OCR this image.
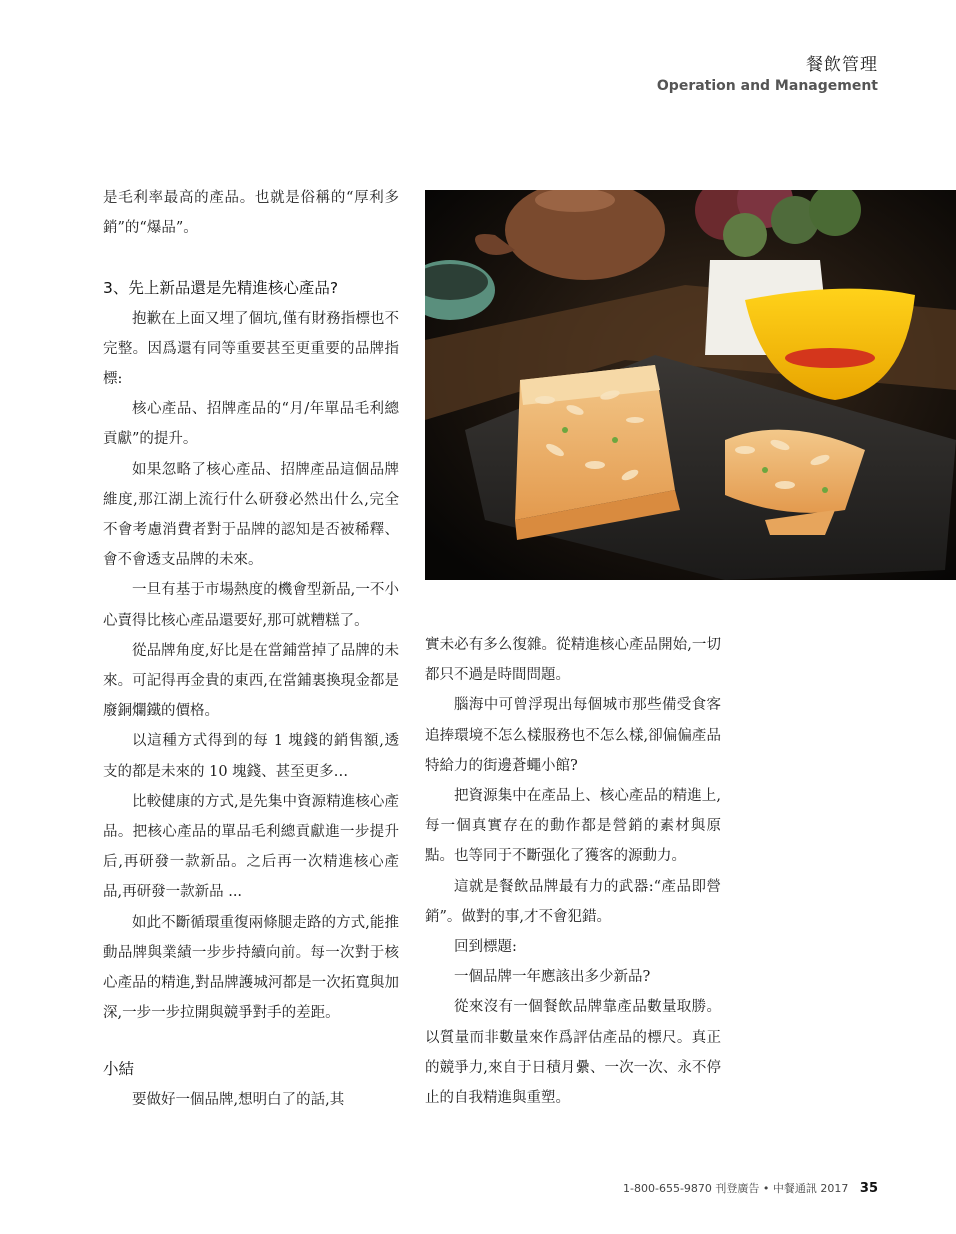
餐飲管理
Operation and Management

是毛利率最高的產品。也就是俗稱的“厚利多銷”的“爆品”。

3、先上新品還是先精進核心產品?

抱歉在上面又埋了個坑,僅有財務指標也不完整。因爲還有同等重要甚至更重要的品牌指標:

核心產品、招牌產品的“月/年單品毛利總貢獻”的提升。

如果忽略了核心產品、招牌產品這個品牌維度,那江湖上流行什么研發必然出什么,完全不會考慮消費者對于品牌的認知是否被稀釋、會不會透支品牌的未來。

一旦有基于市場熱度的機會型新品,一不小心賣得比核心產品還要好,那可就糟糕了。

從品牌角度,好比是在當鋪當掉了品牌的未來。可記得再金貴的東西,在當鋪裏換現金都是廢銅爛鐵的價格。

以這種方式得到的每 1 塊錢的銷售額,透支的都是未來的 10 塊錢、甚至更多…

比較健康的方式,是先集中資源精進核心產品。把核心產品的單品毛利總貢獻進一步提升后,再研發一款新品。之后再一次精進核心產品,再研發一款新品 ...

如此不斷循環重復兩條腿走路的方式,能推動品牌與業績一步步持續向前。每一次對于核心產品的精進,對品牌護城河都是一次拓寬與加深,一步一步拉開與競爭對手的差距。

小結

要做好一個品牌,想明白了的話,其

實未必有多么復雜。從精進核心產品開始,一切都只不過是時間問題。

腦海中可曾浮現出每個城市那些備受食客追捧環境不怎么樣服務也不怎么樣,卻偏偏產品特給力的街邊蒼蠅小館?

把資源集中在產品上、核心產品的精進上,每一個真實存在的動作都是營銷的素材與原點。也等同于不斷强化了獲客的源動力。

這就是餐飲品牌最有力的武器:“產品即營銷”。做對的事,才不會犯錯。

回到標題:

一個品牌一年應該出多少新品?

從來沒有一個餐飲品牌靠產品數量取勝。以質量而非數量來作爲評估產品的標尺。真正的競爭力,來自于日積月纍、一次一次、永不停止的自我精進與重塑。

1-800-655-9870 刊登廣告 • 中餐通訊 2017 35
